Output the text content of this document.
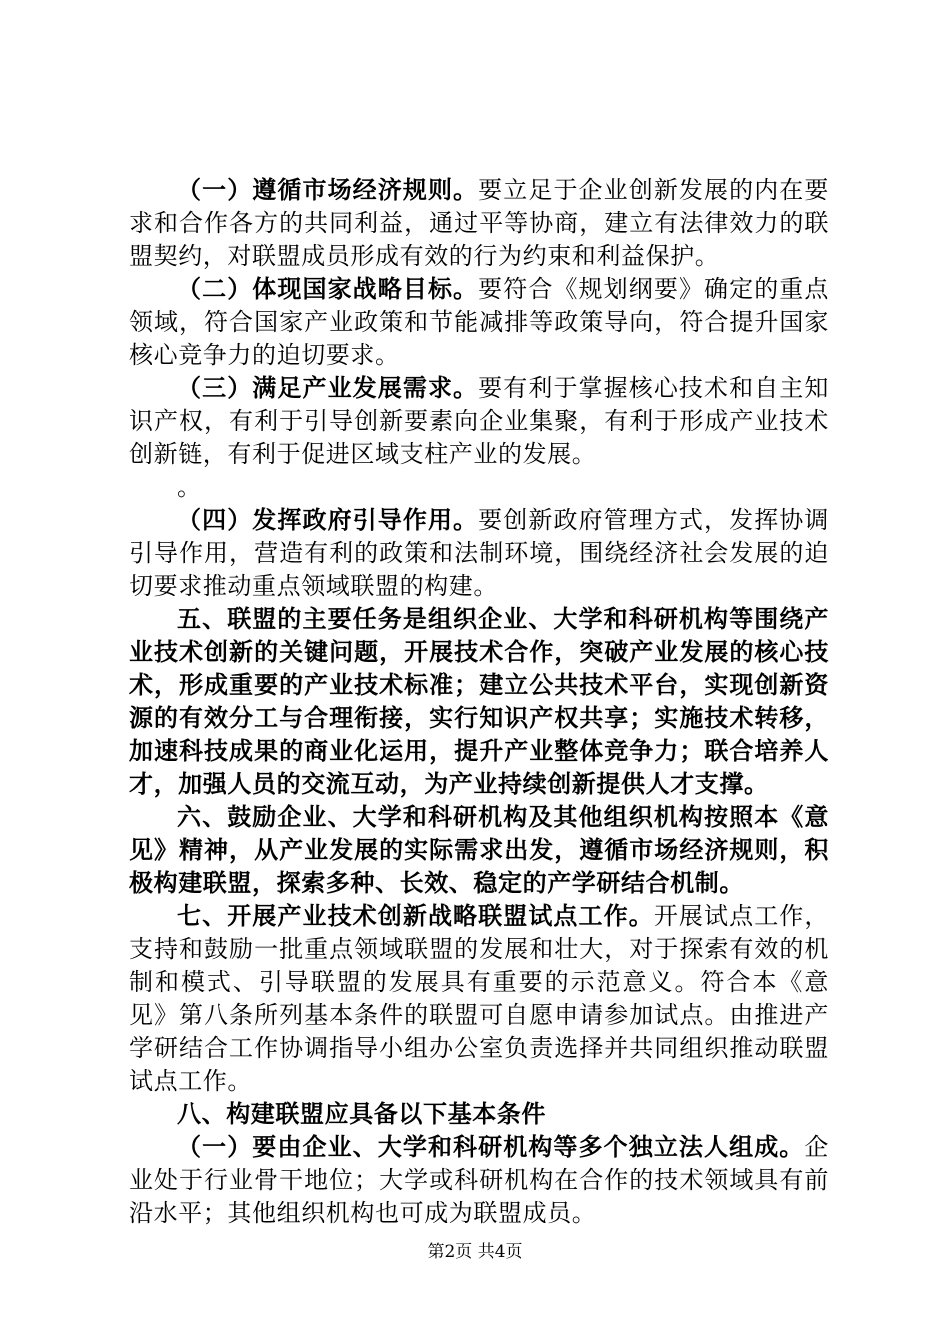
（一）遵循市场经济规则。要立足于企业创新发展的内在要求和合作各方的共同利益，通过平等协商，建立有法律效力的联盟契约，对联盟成员形成有效的行为约束和利益保护。

（二）体现国家战略目标。要符合《规划纲要》确定的重点领域，符合国家产业政策和节能减排等政策导向，符合提升国家核心竞争力的迫切要求。

（三）满足产业发展需求。要有利于掌握核心技术和自主知识产权，有利于引导创新要素向企业集聚，有利于形成产业技术创新链，有利于促进区域支柱产业的发展。

。

（四）发挥政府引导作用。要创新政府管理方式，发挥协调引导作用，营造有利的政策和法制环境，围绕经济社会发展的迫切要求推动重点领域联盟的构建。

五、联盟的主要任务是组织企业、大学和科研机构等围绕产业技术创新的关键问题，开展技术合作，突破产业发展的核心技术，形成重要的产业技术标准；建立公共技术平台，实现创新资源的有效分工与合理衔接，实行知识产权共享；实施技术转移，加速科技成果的商业化运用，提升产业整体竞争力；联合培养人才，加强人员的交流互动，为产业持续创新提供人才支撑。

六、鼓励企业、大学和科研机构及其他组织机构按照本《意见》精神，从产业发展的实际需求出发，遵循市场经济规则，积极构建联盟，探索多种、长效、稳定的产学研结合机制。

七、开展产业技术创新战略联盟试点工作。开展试点工作，支持和鼓励一批重点领域联盟的发展和壮大，对于探索有效的机制和模式、引导联盟的发展具有重要的示范意义。符合本《意见》第八条所列基本条件的联盟可自愿申请参加试点。由推进产学研结合工作协调指导小组办公室负责选择并共同组织推动联盟试点工作。

八、构建联盟应具备以下基本条件

（一）要由企业、大学和科研机构等多个独立法人组成。企业处于行业骨干地位；大学或科研机构在合作的技术领域具有前沿水平；其他组织机构也可成为联盟成员。

第2页 共4页
